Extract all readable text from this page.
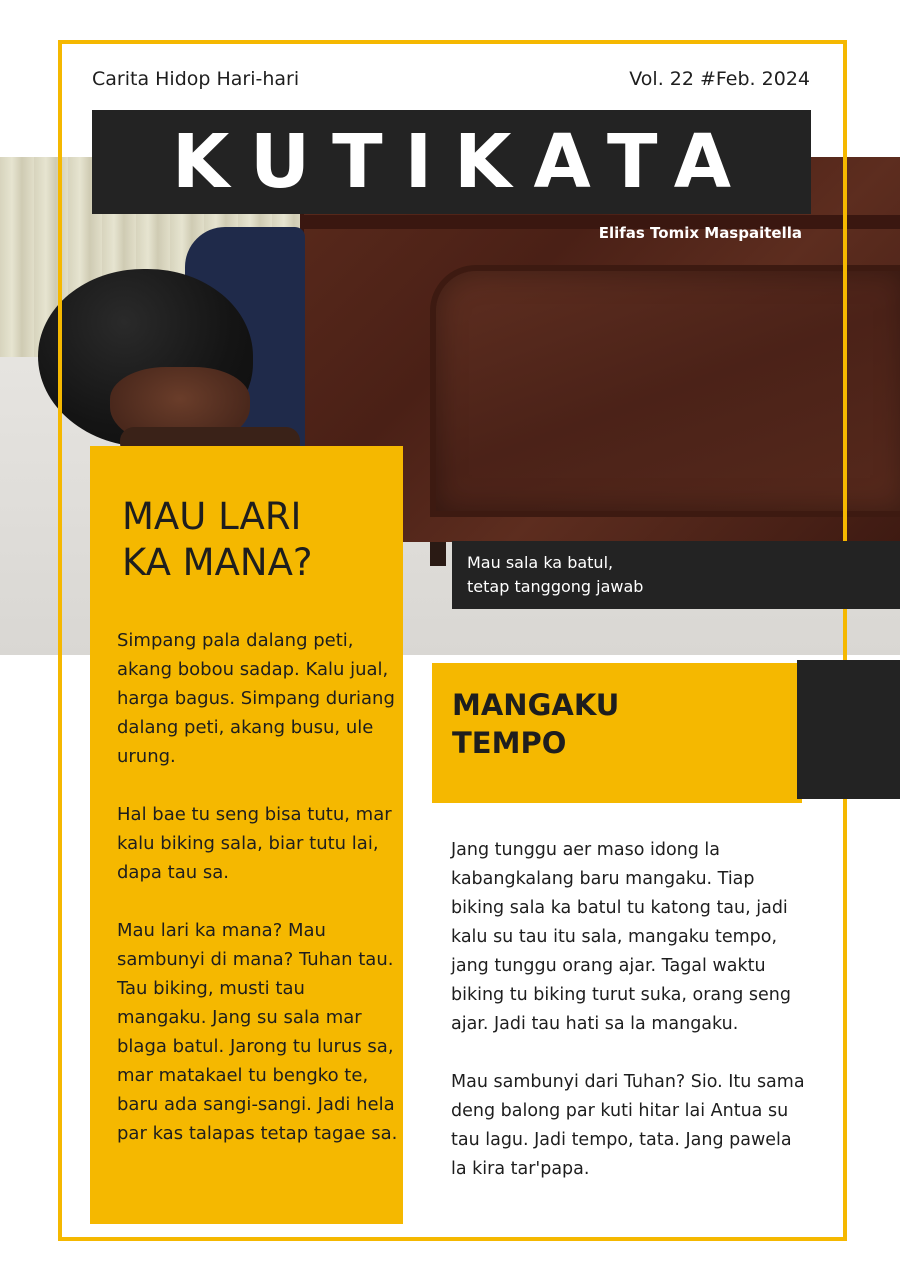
Carita Hidop Hari-hari	Vol. 22 #Feb. 2024
KUTIKATA
Elifas Tomix Maspaitella
MAU LARI
KA MANA?

Simpang pala dalang peti, akang bobou sadap. Kalu jual, harga bagus. Simpang duriang dalang peti, akang busu, ule urung.

Hal bae tu seng bisa tutu, mar kalu biking sala, biar tutu lai, dapa tau sa.

Mau lari ka mana? Mau sambunyi di mana? Tuhan tau. Tau biking, musti tau mangaku. Jang su sala mar blaga batul. Jarong tu lurus sa, mar matakael tu bengko te, baru ada sangi-sangi. Jadi hela par kas talapas tetap tagae sa.

Mau sala ka batul,
tetap tanggong jawab
MANGAKU
TEMPO

Jang tunggu aer maso idong la kabangkalang baru mangaku. Tiap biking sala ka batul tu katong tau, jadi kalu su tau itu sala, mangaku tempo, jang tunggu orang ajar. Tagal waktu biking tu biking turut suka, orang seng ajar. Jadi tau hati sa la mangaku.

Mau sambunyi dari Tuhan? Sio. Itu sama deng balong par kuti hitar lai Antua su tau lagu. Jadi tempo, tata. Jang pawela la kira tar'papa.
